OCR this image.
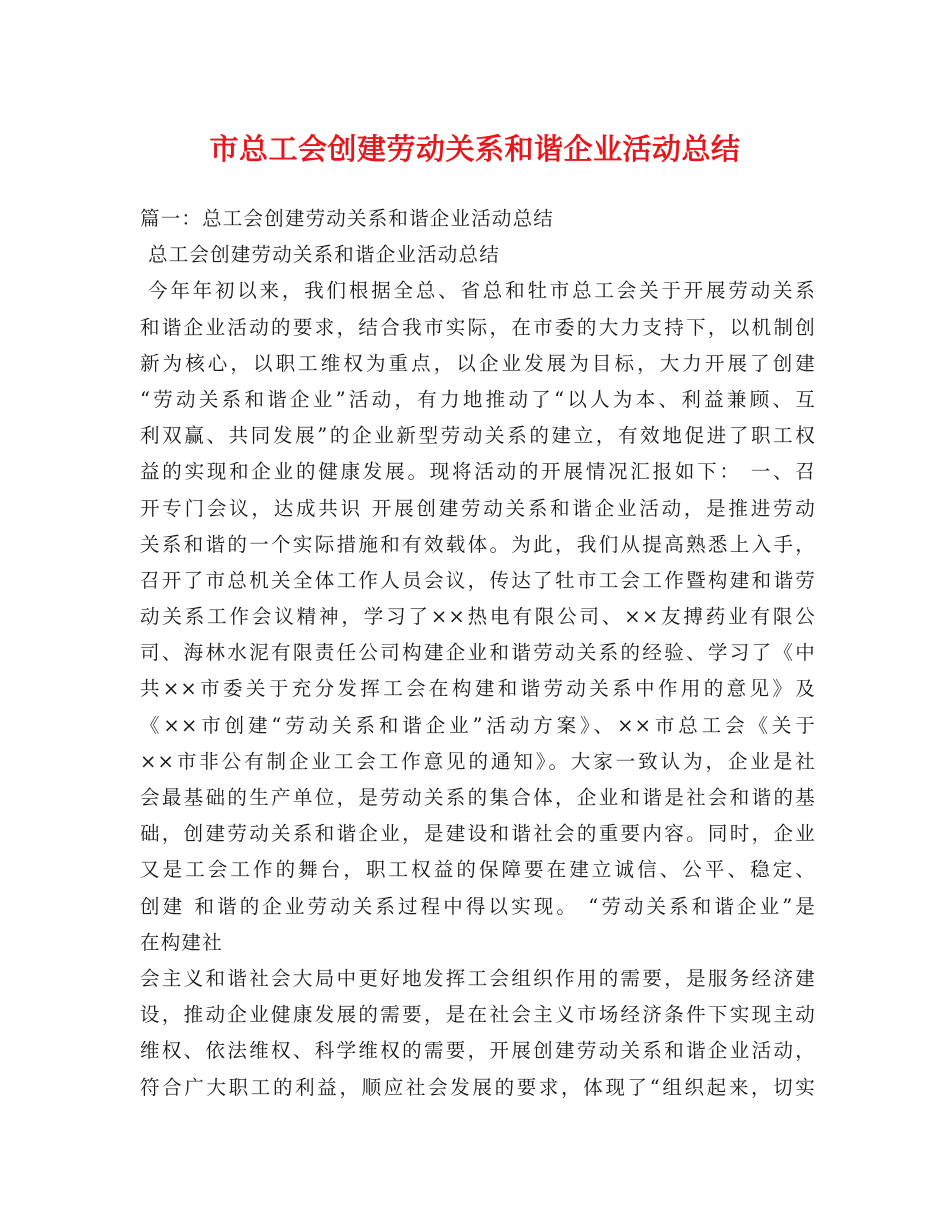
市总工会创建劳动关系和谐企业活动总结
篇一：总工会创建劳动关系和谐企业活动总结
总工会创建劳动关系和谐企业活动总结
今年年初以来，我们根据全总、省总和牡市总工会关于开展劳动关系
和谐企业活动的要求，结合我市实际，在市委的大力支持下，以机制创
新为核心，以职工维权为重点，以企业发展为目标，大力开展了创建
“劳动关系和谐企业”活动，有力地推动了“以人为本、利益兼顾、互
利双赢、共同发展”的企业新型劳动关系的建立，有效地促进了职工权
益的实现和企业的健康发展。现将活动的开展情况汇报如下： 一、召
开专门会议，达成共识 开展创建劳动关系和谐企业活动，是推进劳动
关系和谐的一个实际措施和有效载体。为此，我们从提高熟悉上入手，
召开了市总机关全体工作人员会议，传达了牡市工会工作暨构建和谐劳
动关系工作会议精神，学习了××热电有限公司、××友搏药业有限公
司、海林水泥有限责任公司构建企业和谐劳动关系的经验、学习了《中
共××市委关于充分发挥工会在构建和谐劳动关系中作用的意见》及
《××市创建“劳动关系和谐企业”活动方案》、××市总工会《关于
××市非公有制企业工会工作意见的通知》。大家一致认为，企业是社
会最基础的生产单位，是劳动关系的集合体，企业和谐是社会和谐的基
础，创建劳动关系和谐企业，是建设和谐社会的重要内容。同时，企业
又是工会工作的舞台，职工权益的保障要在建立诚信、公平、稳定、
创建 和谐的企业劳动关系过程中得以实现。 “劳动关系和谐企业”是
在构建社
会主义和谐社会大局中更好地发挥工会组织作用的需要，是服务经济建
设，推动企业健康发展的需要，是在社会主义市场经济条件下实现主动
维权、依法维权、科学维权的需要，开展创建劳动关系和谐企业活动，
符合广大职工的利益，顺应社会发展的要求，体现了“组织起来，切实
